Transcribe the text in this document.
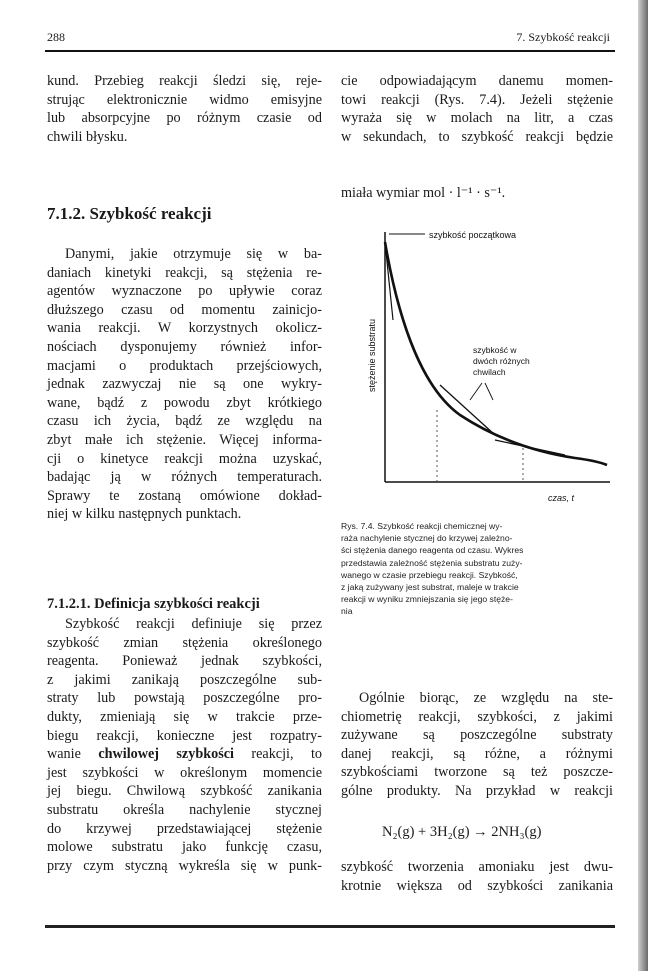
288	7. Szybkość reakcji
kund. Przebieg reakcji śledzi się, reje-
strując elektronicznie widmo emisyjne
lub absorpcyjne po różnym czasie od
chwili błysku.
7.1.2. Szybkość reakcji
Danymi, jakie otrzymuje się w ba-
daniach kinetyki reakcji, są stężenia re-
agentów wyznaczone po upływie coraz
dłuższego czasu od momentu zainicjo-
wania reakcji. W korzystnych okolicz-
nościach dysponujemy również infor-
macjami o produktach przejściowych,
jednak zazwyczaj nie są one wykry-
wane, bądź z powodu zbyt krótkiego
czasu ich życia, bądź ze względu na
zbyt małe ich stężenie. Więcej informa-
cji o kinetyce reakcji można uzyskać,
badając ją w różnych temperaturach.
Sprawy te zostaną omówione dokład-
niej w kilku następnych punktach.
7.1.2.1. Definicja szybkości reakcji
Szybkość reakcji definiuje się przez
szybkość zmian stężenia określonego
reagenta. Ponieważ jednak szybkości,
z jakimi zanikają poszczególne sub-
straty lub powstają poszczególne pro-
dukty, zmieniają się w trakcie prze-
biegu reakcji, konieczne jest rozpatry-
wanie chwilowej szybkości reakcji, to
jest szybkości w określonym momencie
jej biegu. Chwilową szybkość zanikania
substratu określa nachylenie stycznej
do krzywej przedstawiającej stężenie
molowe substratu jako funkcję czasu,
przy czym styczną wykreśla się w punk-
cie odpowiadającym danemu momen-
towi reakcji (Rys. 7.4). Jeżeli stężenie
wyraża się w molach na litr, a czas
w sekundach, to szybkość reakcji będzie
miała wymiar mol · l⁻¹ · s⁻¹.
szybkość początkowa
szybkość w
dwóch różnych
chwilach
stężenie substratu
czas, t
Rys. 7.4. Szybkość reakcji chemicznej wy-
raża nachylenie stycznej do krzywej zależno-
ści stężenia danego reagenta od czasu. Wykres
przedstawia zależność stężenia substratu zuży-
wanego w czasie przebiegu reakcji. Szybkość,
z jaką zużywany jest substrat, maleje w trakcie
reakcji w wyniku zmniejszania się jego stęże-
nia
Ogólnie biorąc, ze względu na ste-
chiometrię reakcji, szybkości, z jakimi
zużywane są poszczególne substraty
danej reakcji, są różne, a różnymi
szybkościami tworzone są też poszcze-
gólne produkty. Na przykład w reakcji
N₂(g) + 3H₂(g) → 2NH₃(g)
szybkość tworzenia amoniaku jest dwu-
krotnie większa od szybkości zanikania
